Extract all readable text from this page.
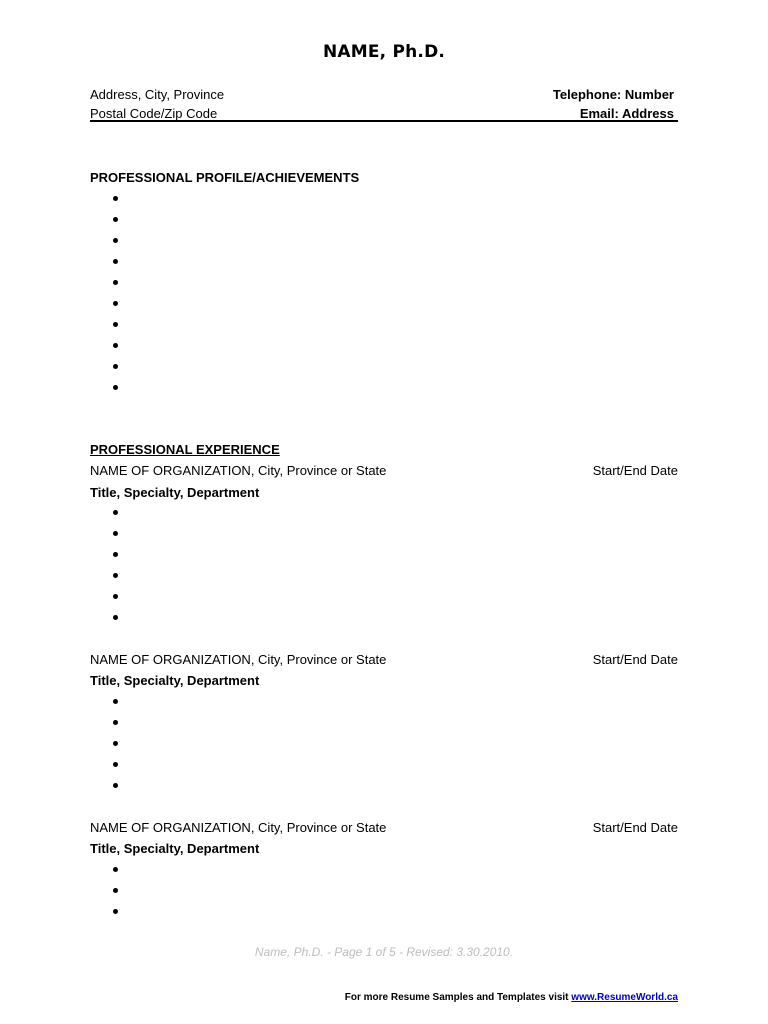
NAME, Ph.D.
Address, City, Province
Postal Code/Zip Code
Telephone: Number
Email: Address
PROFESSIONAL PROFILE/ACHIEVEMENTS
PROFESSIONAL EXPERIENCE
NAME OF ORGANIZATION, City, Province or State	Start/End Date
Title, Specialty, Department
NAME OF ORGANIZATION, City, Province or State	Start/End Date
Title, Specialty, Department
NAME OF ORGANIZATION, City, Province or State	Start/End Date
Title, Specialty, Department
Name, Ph.D. - Page 1 of 5 - Revised: 3.30.2010.
For more Resume Samples and Templates visit www.ResumeWorld.ca
